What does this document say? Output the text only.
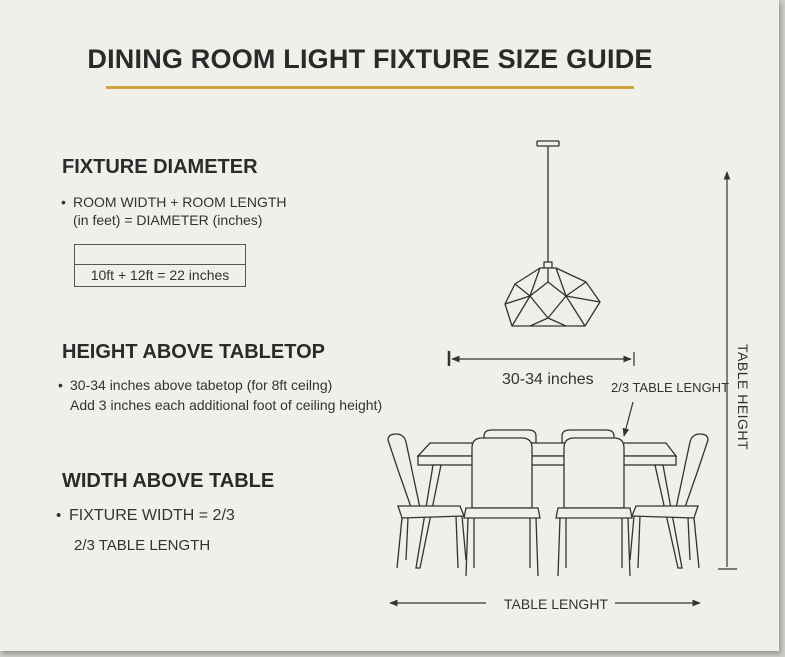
DINING ROOM LIGHT FIXTURE SIZE GUIDE
FIXTURE DIAMETER
• ROOM WIDTH + ROOM LENGTH
(in feet) = DIAMETER (inches)
10ft + 12ft = 22 inches
HEIGHT ABOVE TABLETOP
• 30-34 inches above tabetop (for 8ft ceilng)
Add 3 inches each additional foot of ceiling height)
WIDTH ABOVE TABLE
• FIXTURE WIDTH = 2/3
2/3 TABLE LENGTH
30-34 inches 2/3 TABLE LENGHT TABLE HEIGHT
TABLE LENGHT
